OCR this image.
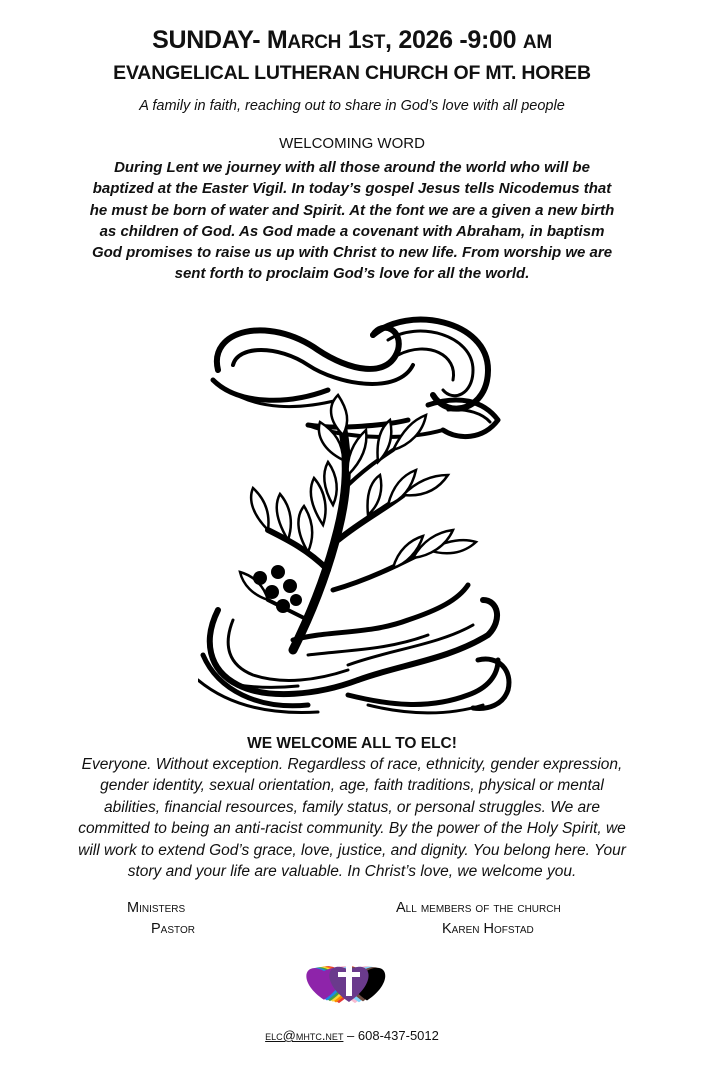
SUNDAY- MARCH 1ST, 2026 -9:00 AM
EVANGELICAL LUTHERAN CHURCH OF MT. HOREB
A family in faith, reaching out to share in God’s love with all people
WELCOMING WORD
During Lent we journey with all those around the world who will be
baptized at the Easter Vigil. In today’s gospel Jesus tells Nicodemus that
he must be born of water and Spirit. At the font we are a given a new birth
as children of God. As God made a covenant with Abraham, in baptism
God promises to raise us up with Christ to new life. From worship we are
sent forth to proclaim God’s love for all the world.
WE WELCOME ALL TO ELC!
Everyone. Without exception. Regardless of race, ethnicity, gender expression,
gender identity, sexual orientation, age, faith traditions, physical or mental
abilities, financial resources, family status, or personal struggles. We are
committed to being an anti-racist community. By the power of the Holy Spirit, we
will work to extend God’s grace, love, justice, and dignity. You belong here. Your
story and your life are valuable. In Christ’s love, we welcome you.
Ministers
Pastor
All members of the church
Karen Hofstad
elc@mhtc.net – 608-437-5012
